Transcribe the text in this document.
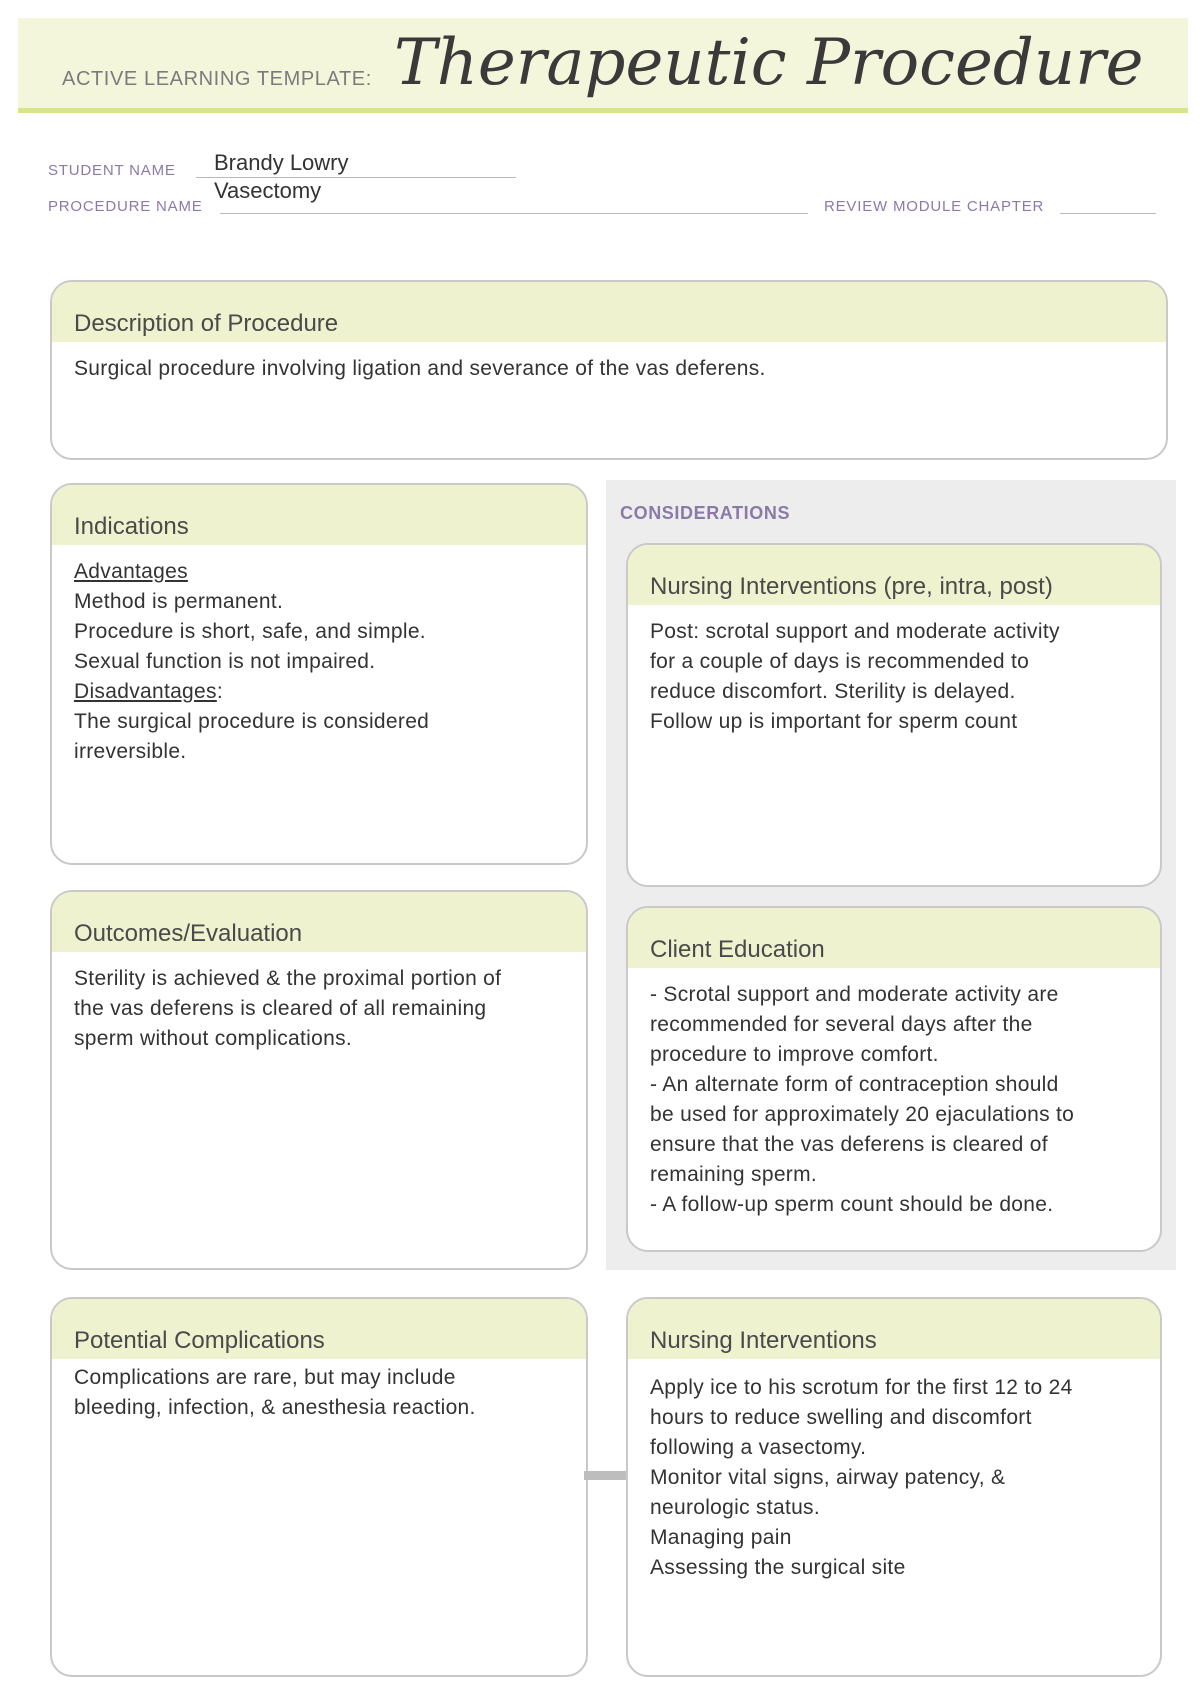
ACTIVE LEARNING TEMPLATE: Therapeutic Procedure
STUDENT NAME Brandy Lowry
PROCEDURE NAME
Vasectomy
REVIEW MODULE CHAPTER
Description of Procedure
Surgical procedure involving ligation and severance of the vas deferens.
CONSIDERATIONS
Indications
Advantages
Method is permanent.
Procedure is short, safe, and simple.
Sexual function is not impaired.
Disadvantages:
The surgical procedure is considered
irreversible.
Nursing Interventions (pre, intra, post)
Post: scrotal support and moderate activity
for a couple of days is recommended to
reduce discomfort. Sterility is delayed.
Follow up is important for sperm count
Outcomes/Evaluation
Sterility is achieved & the proximal portion of
the vas deferens is cleared of all remaining
sperm without complications.
Client Education
- Scrotal support and moderate activity are
recommended for several days after the
procedure to improve comfort.
- An alternate form of contraception should
be used for approximately 20 ejaculations to
ensure that the vas deferens is cleared of
remaining sperm.
- A follow-up sperm count should be done.
Potential Complications
Complications are rare, but may include
bleeding, infection, & anesthesia reaction.
Nursing Interventions
Apply ice to his scrotum for the first 12 to 24
hours to reduce swelling and discomfort
following a vasectomy.
Monitor vital signs, airway patency, &
neurologic status.
Managing pain
Assessing the surgical site
